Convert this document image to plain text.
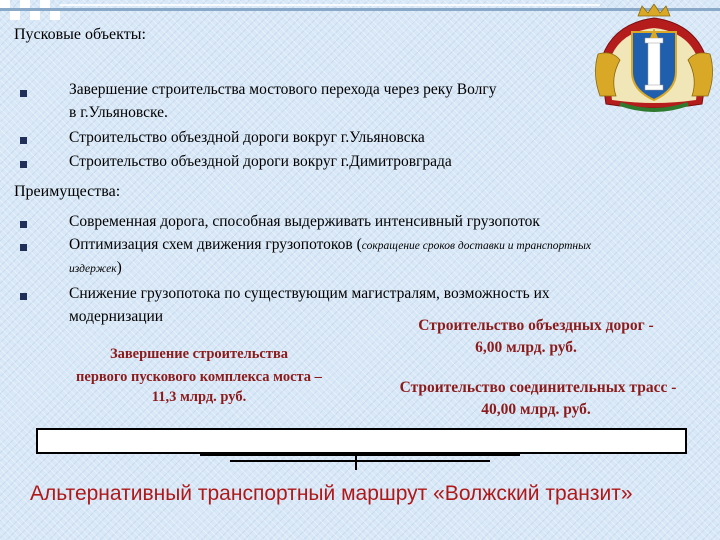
Пусковые объекты:
Завершение строительства мостового перехода через реку Волгу
в г.Ульяновске.
Строительство объездной дороги вокруг г.Ульяновска
Строительство объездной дороги вокруг г.Димитровграда
Преимущества:
Современная дорога, способная выдерживать интенсивный грузопоток
Оптимизация схем движения грузопотоков (сокращение сроков доставки и транспортных
издержек)
Снижение грузопотока по существующим магистралям, возможность их
модернизации
Завершение строительства
первого пускового комплекса моста –
11,3 млрд. руб.
Строительство объездных дорог -
6,00 млрд. руб.
Строительство соединительных трасс -
40,00 млрд. руб.
Альтернативный транспортный маршрут «Волжский транзит»
